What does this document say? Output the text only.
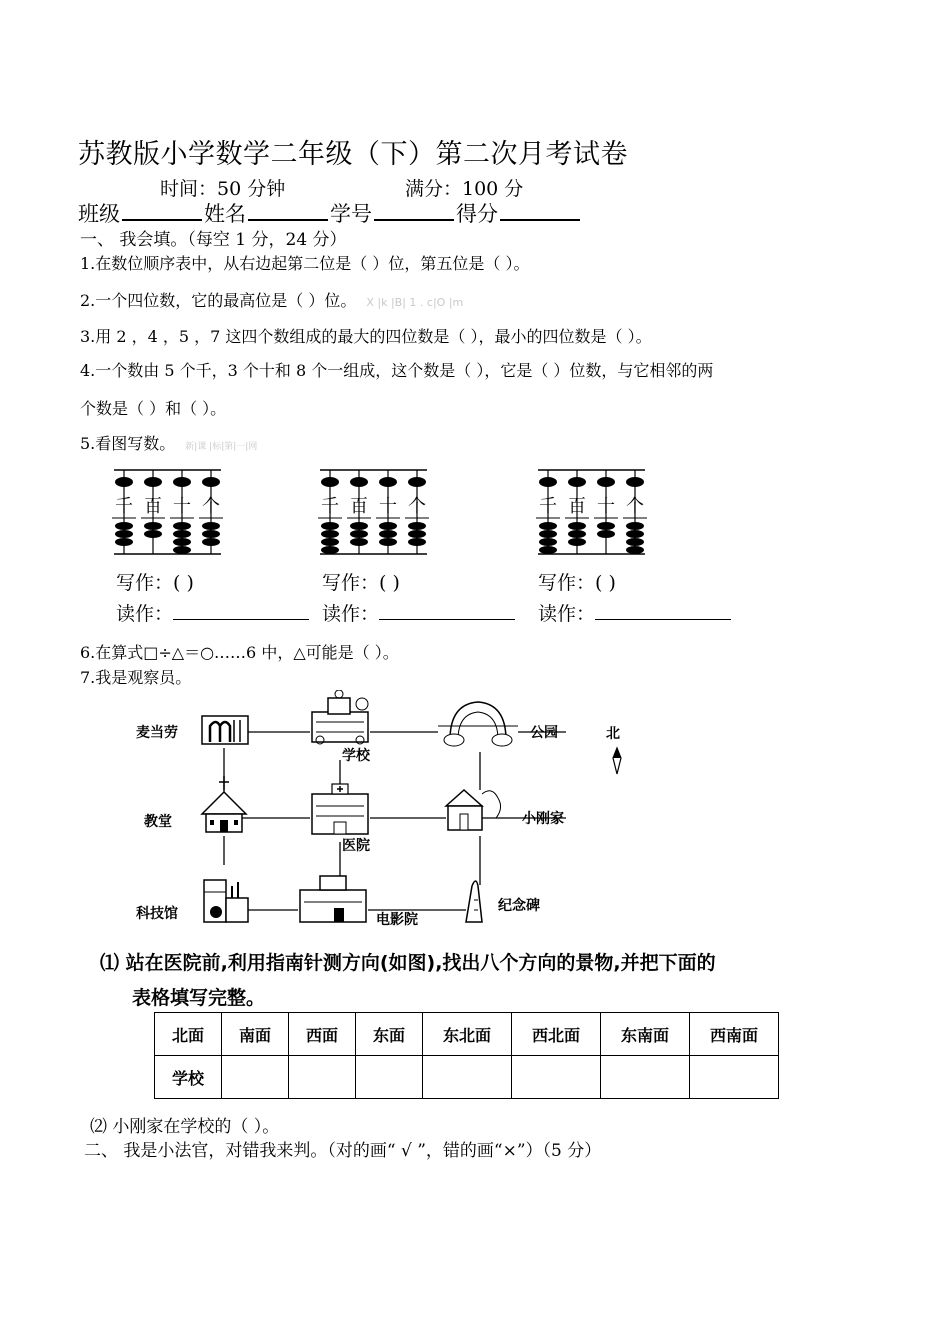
苏教版小学数学二年级（下）第二次月考试卷
时间：50 分钟	满分：100 分
班级	姓名	学号	得分
一、 我会填。（每空 1 分，24 分）
1.在数位顺序表中，从右边起第二位是（ ）位，第五位是（ ）。
2.一个四位数，它的最高位是（ ）位。 X |k |B| 1 . c|O |m
3.用 2 ，4 ，5 ，7 这四个数组成的最大的四位数是（ ），最小的四位数是（ ）。
4.一个数由 5 个千，3 个十和 8 个一组成，这个数是（ ），它是（ ）位数，与它相邻的两
个数是（ ）和（ ）。
5.看图写数。 新|课 |标|第|一|网
千 百 十 个	千 百 十 个	千 百 十 个
写作：( )	写作：( )	写作：( )
读作：	读作：	读作：
6.在算式□÷△＝○……6 中，△可能是（ ）。
7.我是观察员。
麦当劳
学校
公园	北
教堂
医院
小刚家
科技馆	电影院
纪念碑
⑴ 站在医院前,利用指南针测方向(如图),找出八个方向的景物,并把下面的
表格填写完整。
北面	南面	西面	东面	东北面	西北面	东南面	西南面
学校							
⑵ 小刚家在学校的（ ）。
二、 我是小法官，对错我来判。（对的画“ √ ”，错的画“×”）（5 分）
